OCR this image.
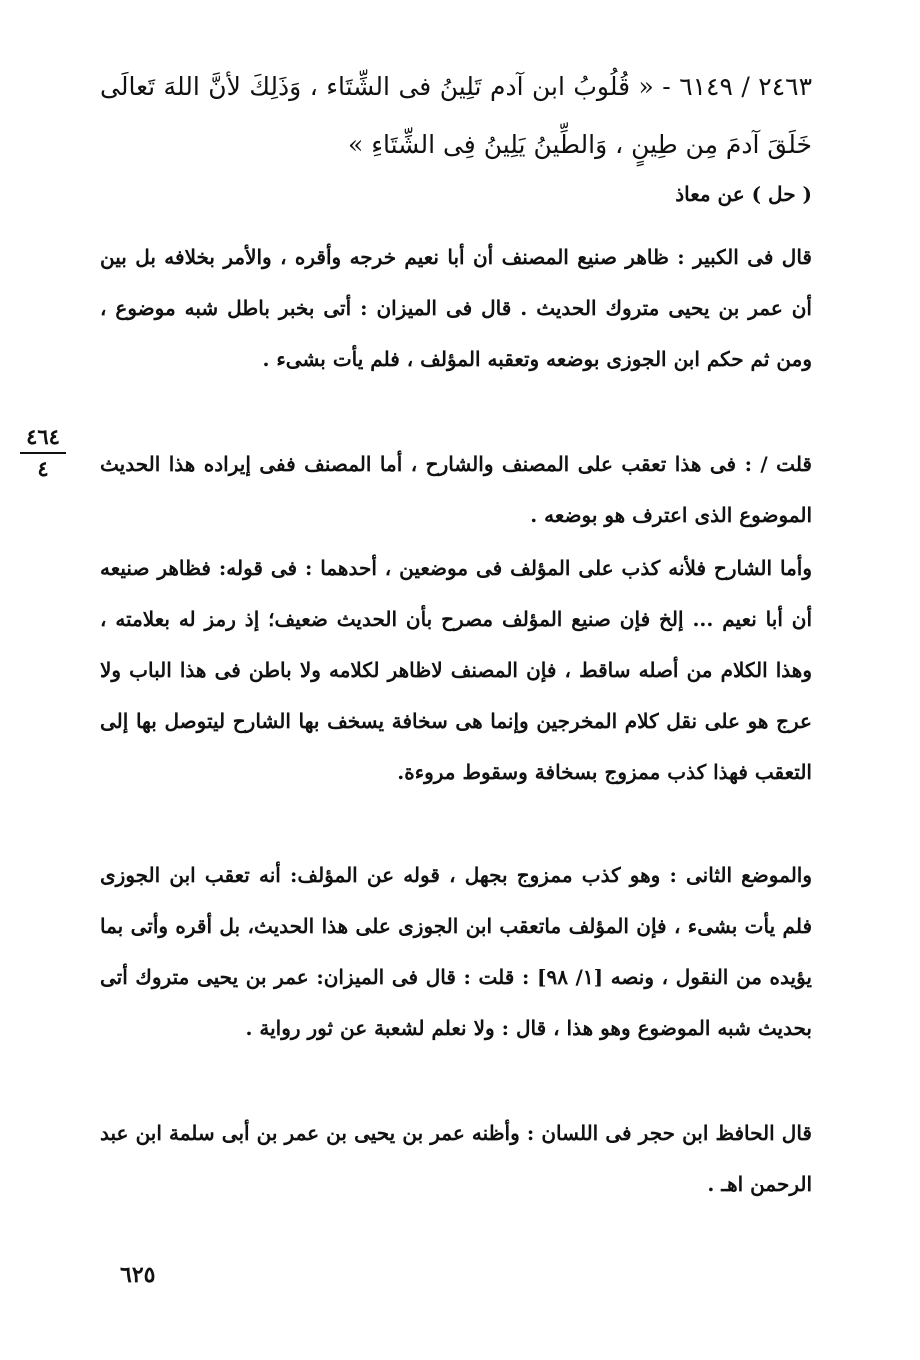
٢٤٦٣ / ٦١٤٩ - « قُلُوبُ ابن آدم تَلِينُ فى الشِّتَاء ، وَذَلِكَ لأنَّ اللهَ تَعالَى خَلَقَ آدمَ مِن طِينٍ ، وَالطِّينُ يَلِينُ فِى الشِّتَاءِ »
( حل ) عن معاذ
قال فى الكبير : ظاهر صنيع المصنف أن أبا نعيم خرجه وأقره ، والأمر بخلافه بل بين أن عمر بن يحيى متروك الحديث . قال فى الميزان : أتى بخبر باطل شبه موضوع ، ومن ثم حكم ابن الجوزى بوضعه وتعقبه المؤلف ، فلم يأت بشىء .
٤٦٤
٤	قلت / : فى هذا تعقب على المصنف والشارح ، أما المصنف ففى إيراده هذا الحديث الموضوع الذى اعترف هو بوضعه .
وأما الشارح فلأنه كذب على المؤلف فى موضعين ، أحدهما : فى قوله: فظاهر صنيعه أن أبا نعيم ... إلخ فإن صنيع المؤلف مصرح بأن الحديث ضعيف؛ إذ رمز له بعلامته ، وهذا الكلام من أصله ساقط ، فإن المصنف لاظاهر لكلامه ولا باطن فى هذا الباب ولا عرج هو على نقل كلام المخرجين وإنما هى سخافة يسخف بها الشارح ليتوصل بها إلى التعقب فهذا كذب ممزوج بسخافة وسقوط مروءة.
والموضع الثانى : وهو كذب ممزوج بجهل ، قوله عن المؤلف: أنه تعقب ابن الجوزى فلم يأت بشىء ، فإن المؤلف ماتعقب ابن الجوزى على هذا الحديث، بل أقره وأتى بما يؤيده من النقول ، ونصه [١/ ٩٨] : قلت : قال فى الميزان: عمر بن يحيى متروك أتى بحديث شبه الموضوع وهو هذا ، قال : ولا نعلم لشعبة عن ثور رواية .
قال الحافظ ابن حجر فى اللسان : وأظنه عمر بن يحيى بن عمر بن أبى سلمة ابن عبد الرحمن اهـ .
٦٢٥
